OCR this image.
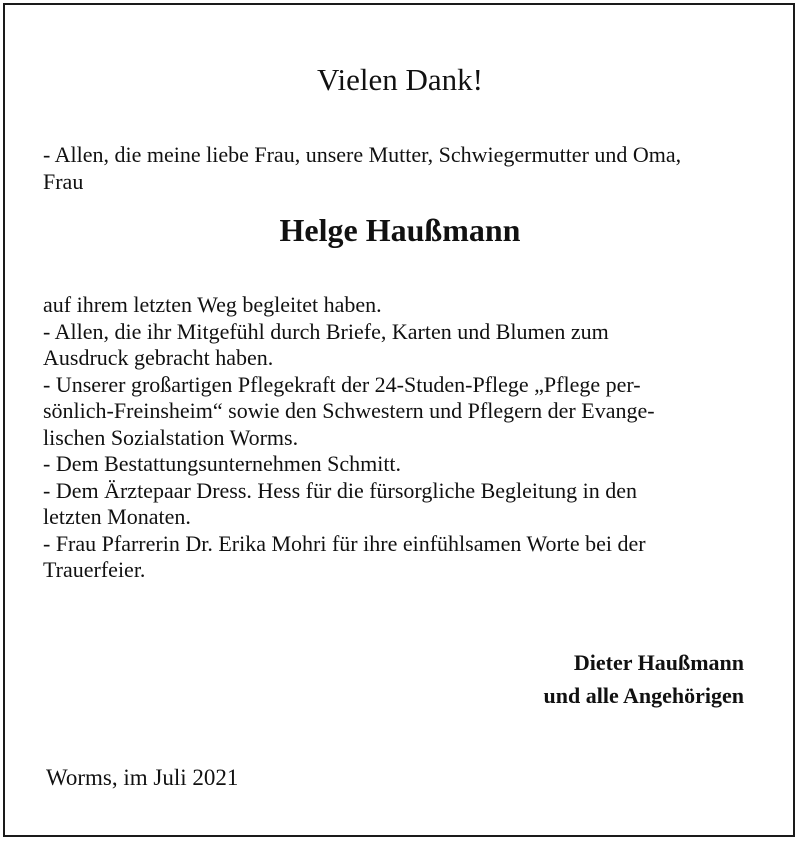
Vielen Dank!
- Allen, die meine liebe Frau, unsere Mutter, Schwiegermutter und Oma,
Frau
Helge Haußmann
auf ihrem letzten Weg begleitet haben.
- Allen, die ihr Mitgefühl durch Briefe, Karten und Blumen zum
Ausdruck gebracht haben.
- Unserer großartigen Pflegekraft der 24-Studen-Pflege „Pflege per-
sönlich-Freinsheim“ sowie den Schwestern und Pflegern der Evange-
lischen Sozialstation Worms.
- Dem Bestattungsunternehmen Schmitt.
- Dem Ärztepaar Dress. Hess für die fürsorgliche Begleitung in den
letzten Monaten.
- Frau Pfarrerin Dr. Erika Mohri für ihre einfühlsamen Worte bei der
Trauerfeier.
Dieter Haußmann
und alle Angehörigen
Worms, im Juli 2021
